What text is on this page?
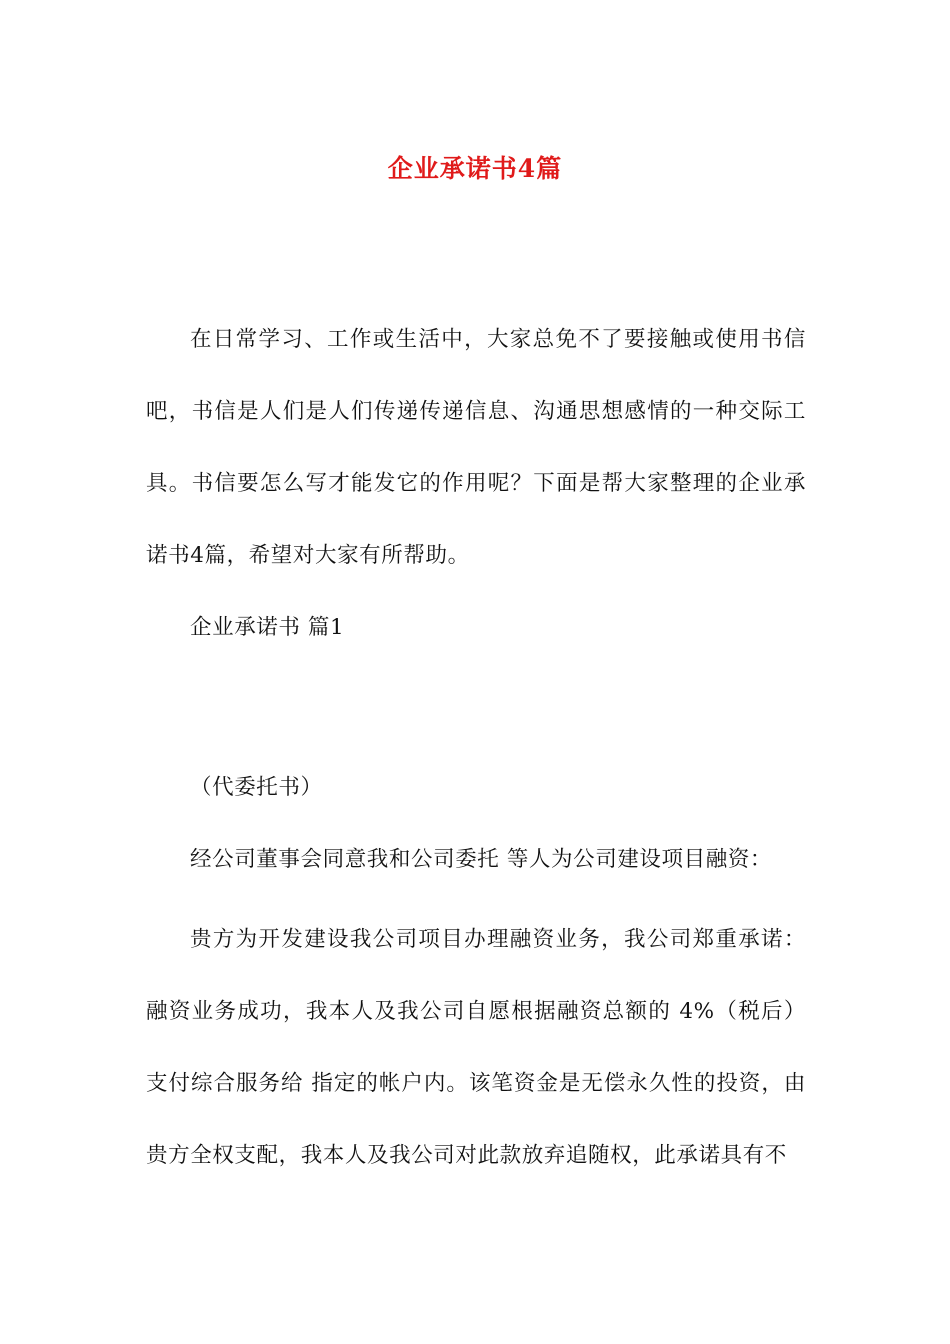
企业承诺书4篇

在日常学习、工作或生活中，大家总免不了要接触或使用书信吧，书信是人们是人们传递传递信息、沟通思想感情的一种交际工具。书信要怎么写才能发它的作用呢？下面是帮大家整理的企业承诺书4篇，希望对大家有所帮助。

企业承诺书 篇1

（代委托书）

经公司董事会同意我和公司委托 等人为公司建设项目融资：

贵方为开发建设我公司项目办理融资业务，我公司郑重承诺：融资业务成功，我本人及我公司自愿根据融资总额的 4%（税后）支付综合服务给 指定的帐户内。该笔资金是无偿永久性的投资，由贵方全权支配，我本人及我公司对此款放弃追随权，此承诺具有不
